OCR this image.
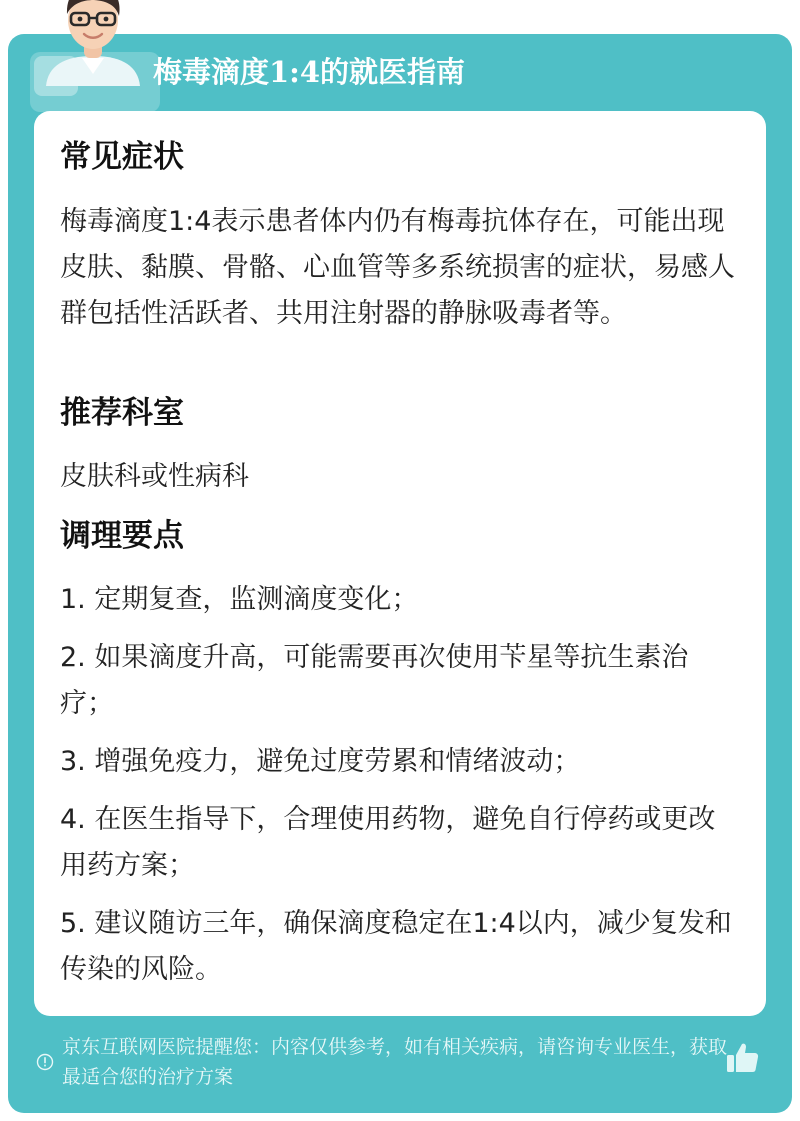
梅毒滴度1:4的就医指南
常见症状
梅毒滴度1:4表示患者体内仍有梅毒抗体存在，可能出现皮肤、黏膜、骨骼、心血管等多系统损害的症状，易感人群包括性活跃者、共用注射器的静脉吸毒者等。
推荐科室
皮肤科或性病科
调理要点
1. 定期复查，监测滴度变化；
2. 如果滴度升高，可能需要再次使用苄星等抗生素治疗；
3. 增强免疫力，避免过度劳累和情绪波动；
4. 在医生指导下，合理使用药物，避免自行停药或更改用药方案；
5. 建议随访三年，确保滴度稳定在1:4以内，减少复发和传染的风险。
京东互联网医院提醒您：内容仅供参考，如有相关疾病，请咨询专业医生，获取最适合您的治疗方案
